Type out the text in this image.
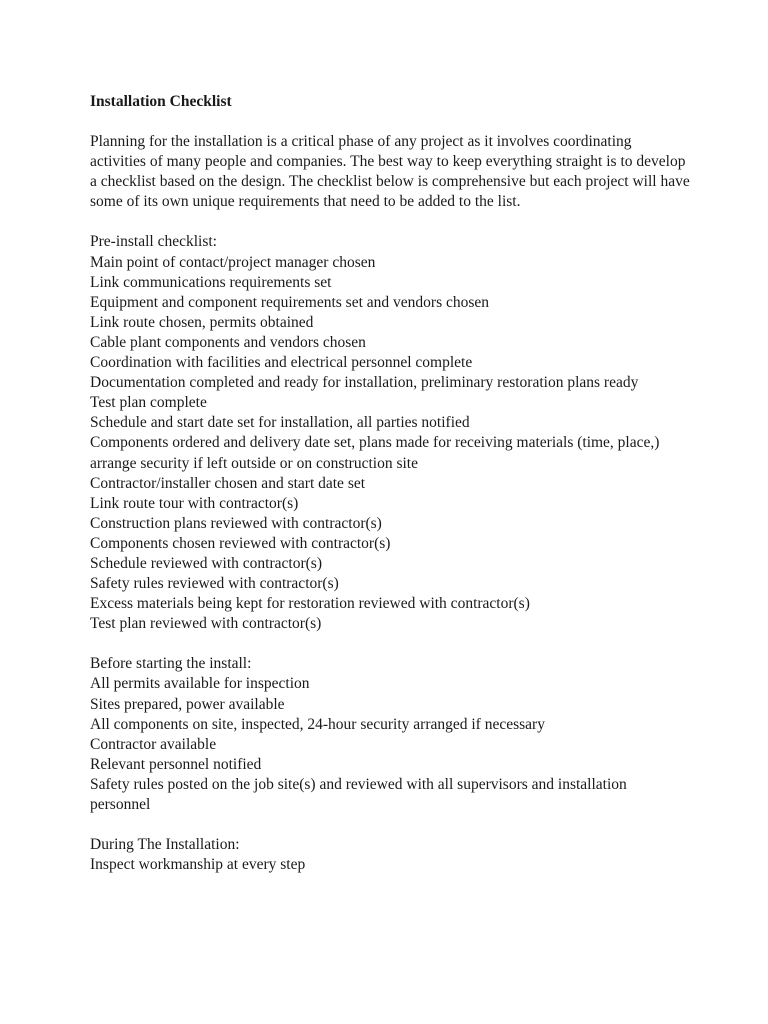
Installation Checklist
Planning for the installation is a critical phase of any project as it involves coordinating activities of many people and companies. The best way to keep everything straight is to develop a checklist based on the design. The checklist below is comprehensive but each project will have some of its own unique requirements that need to be added to the list.
Pre-install checklist:
Main point of contact/project manager chosen
Link communications requirements set
Equipment and component requirements set and vendors chosen
Link route chosen, permits obtained
Cable plant components and vendors chosen
Coordination with facilities and electrical personnel complete
Documentation completed and ready for installation, preliminary restoration plans ready
Test plan complete
Schedule and start date set for installation, all parties notified
Components ordered and delivery date set, plans made for receiving materials (time, place,) arrange security if left outside or on construction site
Contractor/installer chosen and start date set
Link route tour with contractor(s)
Construction plans reviewed with contractor(s)
Components chosen reviewed with contractor(s)
Schedule reviewed with contractor(s)
Safety rules reviewed with contractor(s)
Excess materials being kept for restoration reviewed with contractor(s)
Test plan reviewed with contractor(s)
Before starting the install:
All permits available for inspection
Sites prepared, power available
All components on site, inspected, 24-hour security arranged if necessary
Contractor available
Relevant personnel notified
Safety rules posted on the job site(s) and reviewed with all supervisors and installation personnel
During The Installation:
Inspect workmanship at every step
